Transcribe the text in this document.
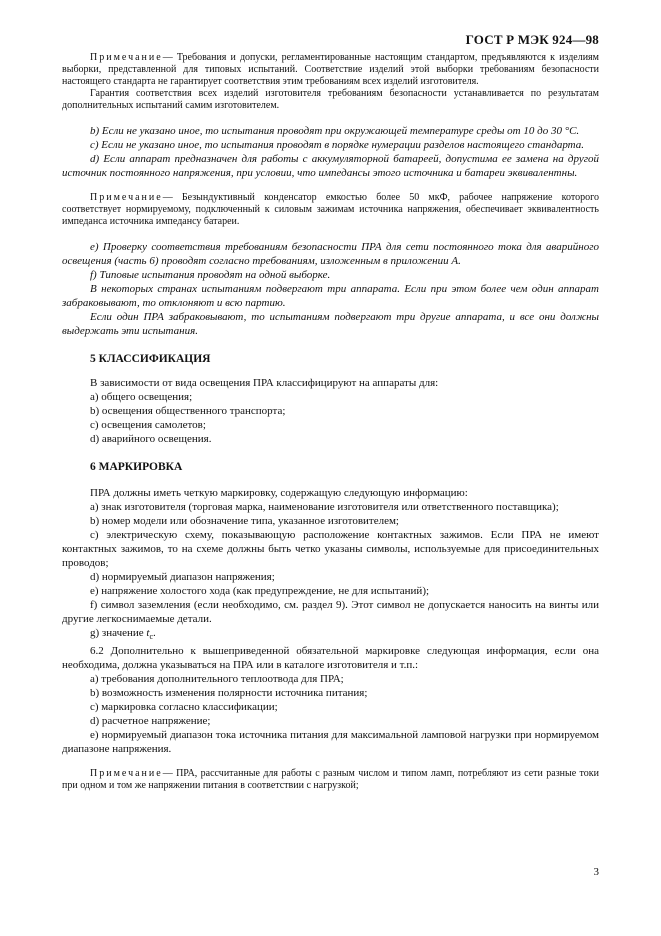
ГОСТ Р МЭК 924—98

Примечание— Требования и допуски, регламентированные настоящим стандартом, предъявляются к изделиям выборки, представленной для типовых испытаний. Соответствие изделий этой выборки требованиям безопасности настоящего стандарта не гарантирует соответствия этим требованиям всех изделий изготовителя.

Гарантия соответствия всех изделий изготовителя требованиям безопасности устанавливается по результатам дополнительных испытаний самим изготовителем.

b) Если не указано иное, то испытания проводят при окружающей температуре среды от 10 до 30 °C.

c) Если не указано иное, то испытания проводят в порядке нумерации разделов настоящего стандарта.

d) Если аппарат предназначен для работы с аккумуляторной батареей, допустима ее замена на другой источник постоянного напряжения, при условии, что импедансы этого источника и батареи эквивалентны.

Примечание— Безындуктивный конденсатор емкостью более 50 мкФ, рабочее напряжение которого соответствует нормируемому, подключенный к силовым зажимам источника напряжения, обеспечивает эквивалентность импеданса источника импедансу батареи.

e) Проверку соответствия требованиям безопасности ПРА для сети постоянного тока для аварийного освещения (часть 6) проводят согласно требованиям, изложенным в приложении А.

f) Типовые испытания проводят на одной выборке.

В некоторых странах испытаниям подвергают три аппарата. Если при этом более чем один аппарат забраковывают, то отклоняют и всю партию.

Если один ПРА забраковывают, то испытаниям подвергают три другие аппарата, и все они должны выдержать эти испытания.

5 КЛАССИФИКАЦИЯ

В зависимости от вида освещения ПРА классифицируют на аппараты для:

a) общего освещения;

b) освещения общественного транспорта;

c) освещения самолетов;

d) аварийного освещения.

6 МАРКИРОВКА

ПРА должны иметь четкую маркировку, содержащую следующую информацию:

a) знак изготовителя (торговая марка, наименование изготовителя или ответственного поставщика);

b) номер модели или обозначение типа, указанное изготовителем;

c) электрическую схему, показывающую расположение контактных зажимов. Если ПРА не имеют контактных зажимов, то на схеме должны быть четко указаны символы, используемые для присоединительных проводов;

d) нормируемый диапазон напряжения;

e) напряжение холостого хода (как предупреждение, не для испытаний);

f) символ заземления (если необходимо, см. раздел 9). Этот символ не допускается наносить на винты или другие легкоснимаемые детали.

g) значение $t_c$.

6.2 Дополнительно к вышеприведенной обязательной маркировке следующая информация, если она необходима, должна указываться на ПРА или в каталоге изготовителя и т.п.:

a) требования дополнительного теплоотвода для ПРА;

b) возможность изменения полярности источника питания;

c) маркировка согласно классификации;

d) расчетное напряжение;

e) нормируемый диапазон тока источника питания для максимальной ламповой нагрузки при нормируемом диапазоне напряжения.

Примечание— ПРА, рассчитанные для работы с разным числом и типом ламп, потребляют из сети разные токи при одном и том же напряжении питания в соответствии с нагрузкой;

3
